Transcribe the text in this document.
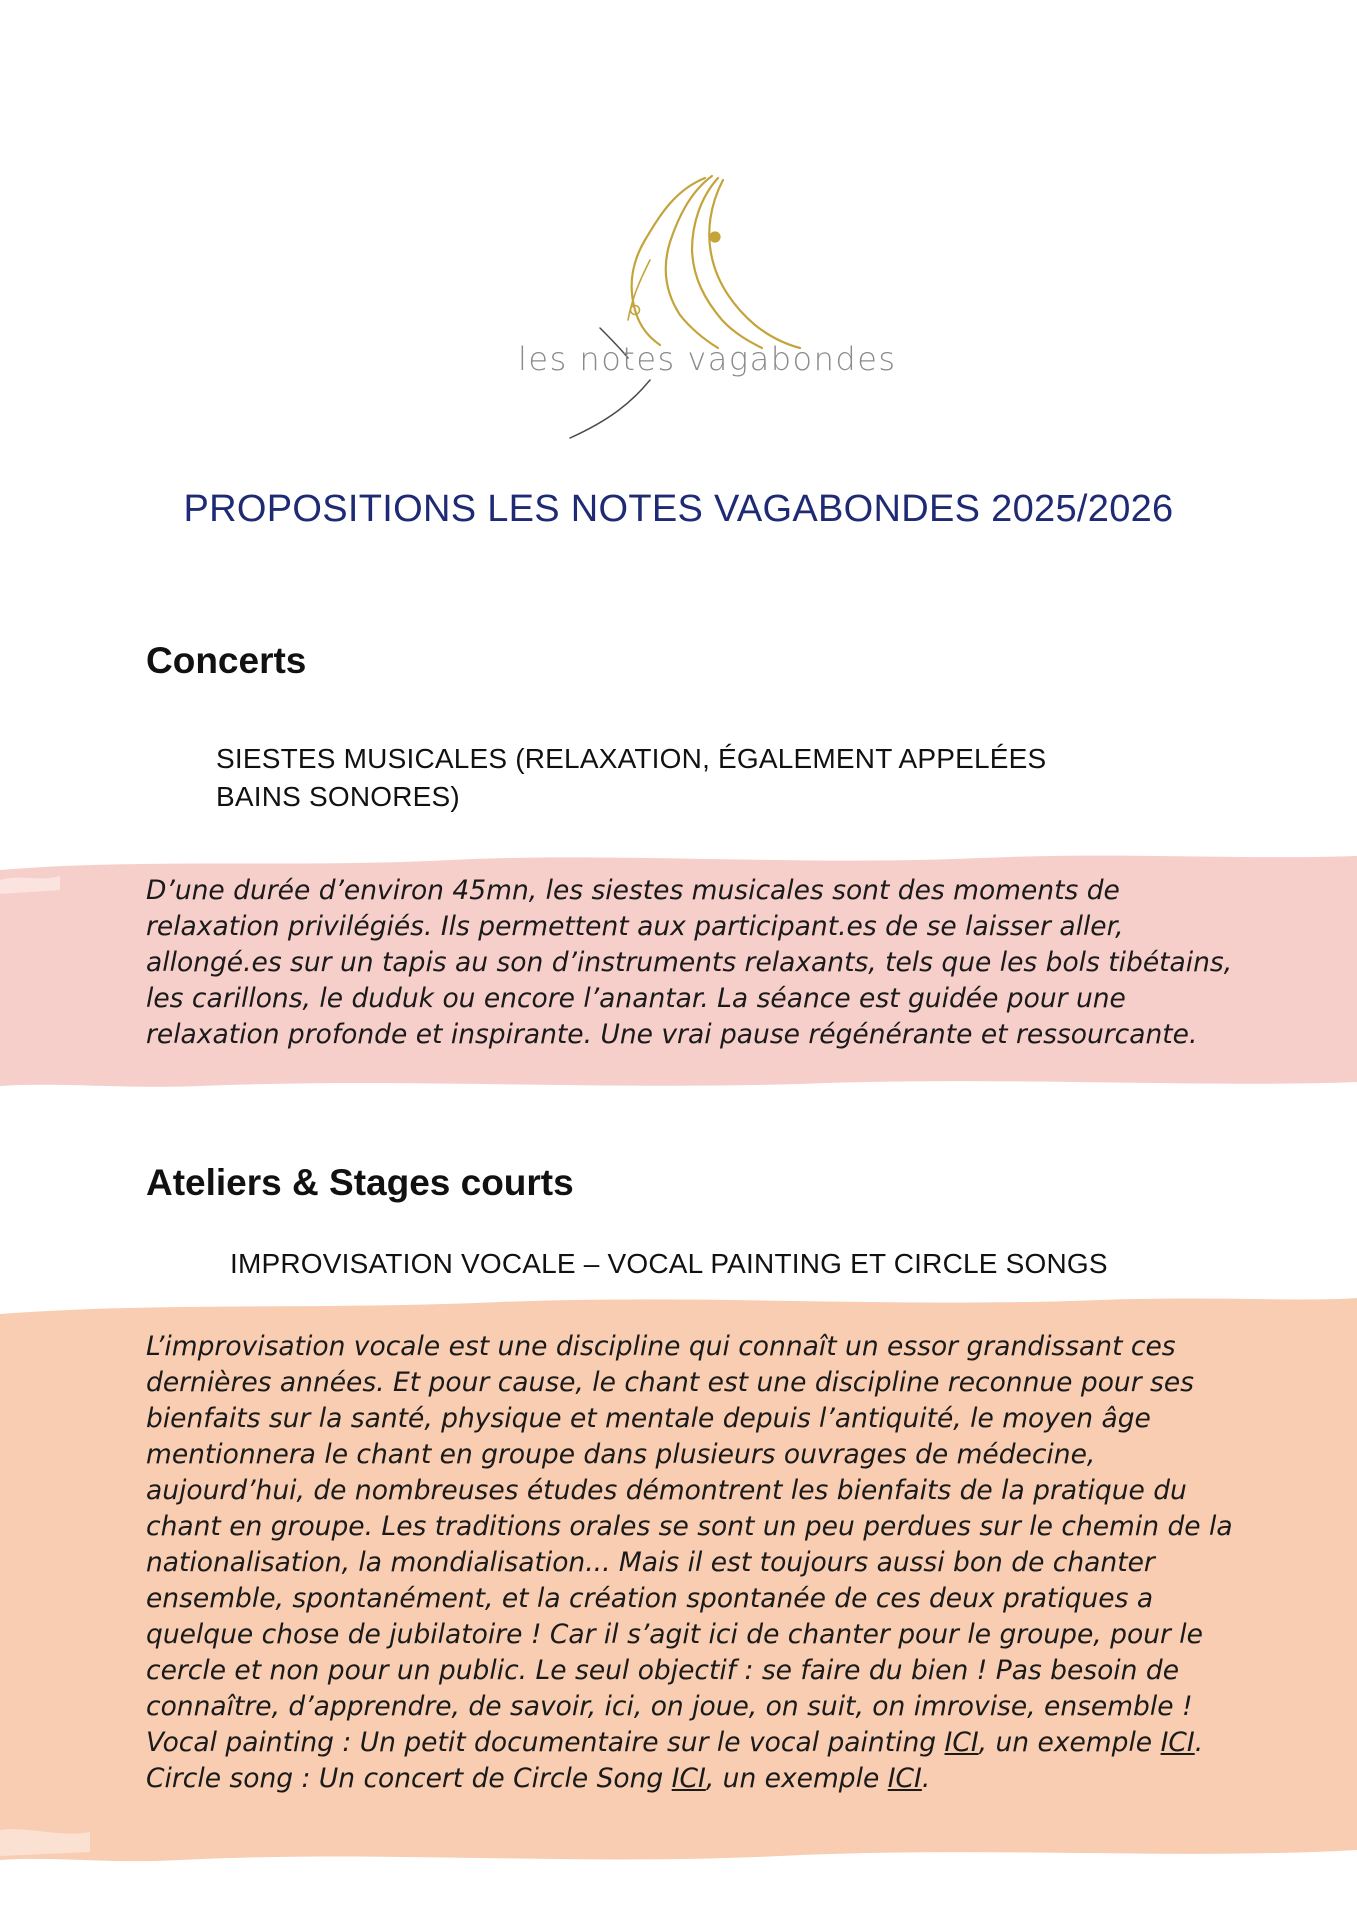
les notes vagabondes
PROPOSITIONS LES NOTES VAGABONDES 2025/2026
Concerts
SIESTES MUSICALES (RELAXATION, ÉGALEMENT APPELÉES
BAINS SONORES)
D’une durée d’environ 45mn, les siestes musicales sont des moments de
relaxation privilégiés. Ils permettent aux participant.es de se laisser aller,
allongé.es sur un tapis au son d’instruments relaxants, tels que les bols tibétains,
les carillons, le duduk ou encore l’anantar. La séance est guidée pour une
relaxation profonde et inspirante. Une vrai pause régénérante et ressourcante.
Ateliers & Stages courts
IMPROVISATION VOCALE – VOCAL PAINTING ET CIRCLE SONGS
L’improvisation vocale est une discipline qui connaît un essor grandissant ces
dernières années. Et pour cause, le chant est une discipline reconnue pour ses
bienfaits sur la santé, physique et mentale depuis l’antiquité, le moyen âge
mentionnera le chant en groupe dans plusieurs ouvrages de médecine,
aujourd’hui, de nombreuses études démontrent les bienfaits de la pratique du
chant en groupe. Les traditions orales se sont un peu perdues sur le chemin de la
nationalisation, la mondialisation... Mais il est toujours aussi bon de chanter
ensemble, spontanément, et la création spontanée de ces deux pratiques a
quelque chose de jubilatoire ! Car il s’agit ici de chanter pour le groupe, pour le
cercle et non pour un public. Le seul objectif : se faire du bien ! Pas besoin de
connaître, d’apprendre, de savoir, ici, on joue, on suit, on imrovise, ensemble !
Vocal painting : Un petit documentaire sur le vocal painting ICI, un exemple ICI.
Circle song : Un concert de Circle Song ICI, un exemple ICI.
